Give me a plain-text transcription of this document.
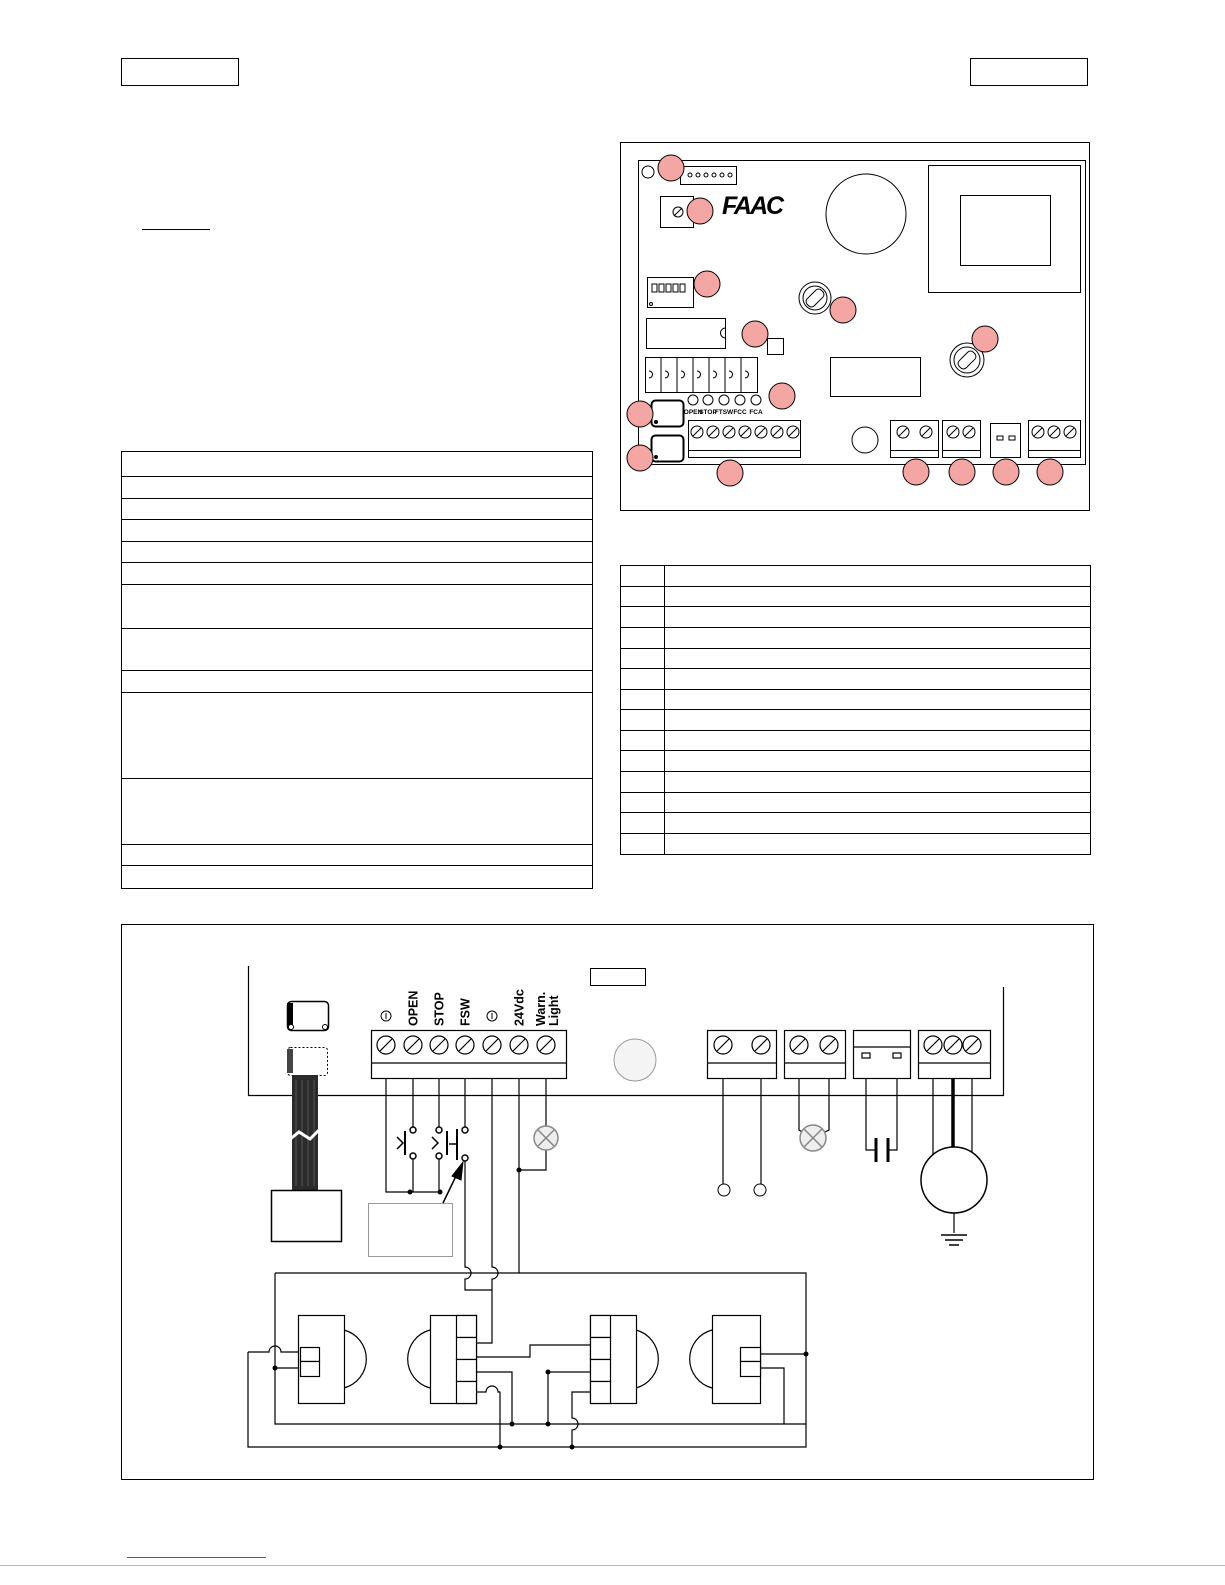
FAAC
OPEN
STOP
FTSW FCC FCA
OPEN STOP FSW	24Vdc Warn. Light
